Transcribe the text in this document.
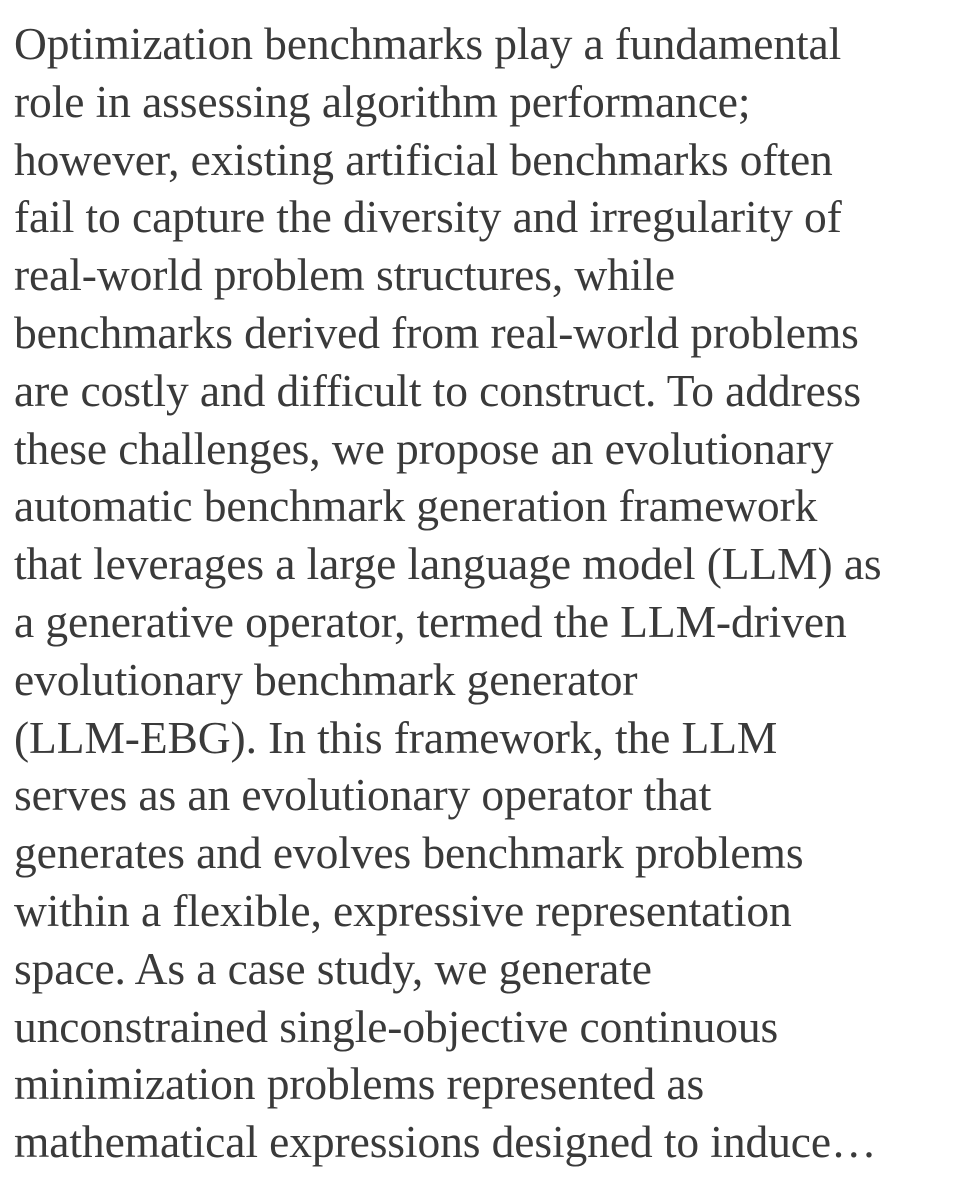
Optimization benchmarks play a fundamental
role in assessing algorithm performance;
however, existing artificial benchmarks often
fail to capture the diversity and irregularity of
real-world problem structures, while
benchmarks derived from real-world problems
are costly and difficult to construct. To address
these challenges, we propose an evolutionary
automatic benchmark generation framework
that leverages a large language model (LLM) as
a generative operator, termed the LLM-driven
evolutionary benchmark generator
(LLM-EBG). In this framework, the LLM
serves as an evolutionary operator that
generates and evolves benchmark problems
within a flexible, expressive representation
space. As a case study, we generate
unconstrained single-objective continuous
minimization problems represented as
mathematical expressions designed to induce…
